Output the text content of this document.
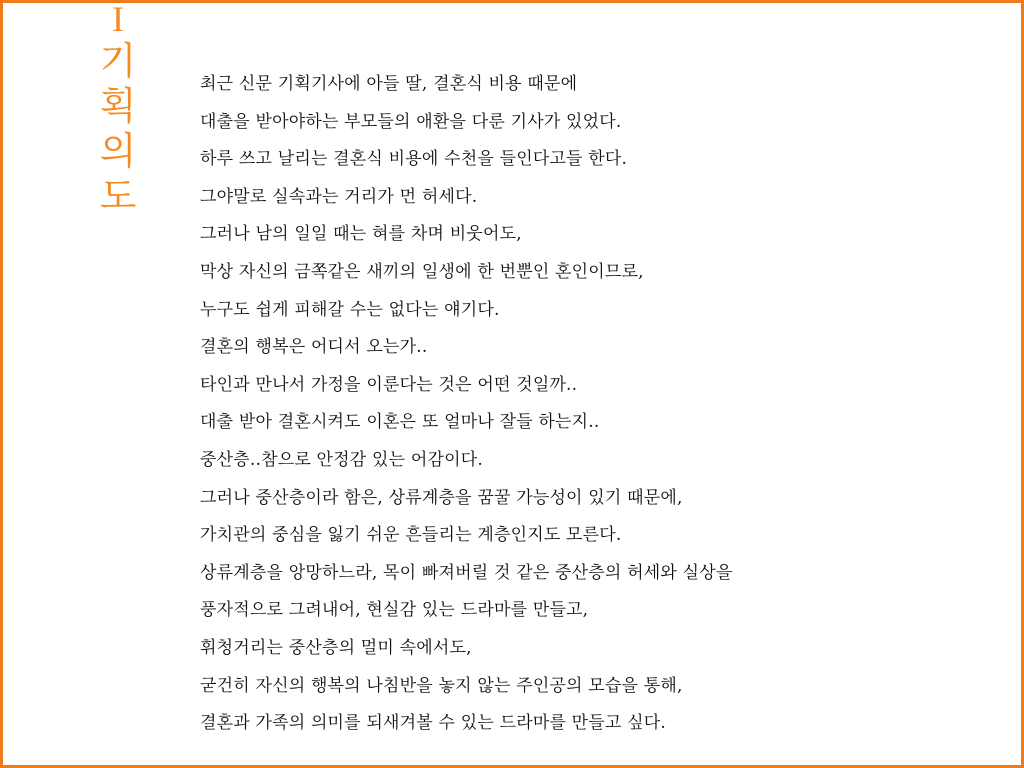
I
기
획
의
도
최근 신문 기획기사에 아들 딸, 결혼식 비용 때문에
대출을 받아야하는 부모들의 애환을 다룬 기사가 있었다.
하루 쓰고 날리는 결혼식 비용에 수천을 들인다고들 한다.
그야말로 실속과는 거리가 먼 허세다.
그러나 남의 일일 때는 혀를 차며 비웃어도,
막상 자신의 금쪽같은 새끼의 일생에 한 번뿐인 혼인이므로,
누구도 쉽게 피해갈 수는 없다는 얘기다.
결혼의 행복은 어디서 오는가..
타인과 만나서 가정을 이룬다는 것은 어떤 것일까..
대출 받아 결혼시켜도 이혼은 또 얼마나 잘들 하는지..
중산층..참으로 안정감 있는 어감이다.
그러나 중산층이라 함은, 상류계층을 꿈꿀 가능성이 있기 때문에,
가치관의 중심을 잃기 쉬운 흔들리는 계층인지도 모른다.
상류계층을 앙망하느라, 목이 빠져버릴 것 같은 중산층의 허세와 실상을
풍자적으로 그려내어, 현실감 있는 드라마를 만들고,
휘청거리는 중산층의 멀미 속에서도,
굳건히 자신의 행복의 나침반을 놓지 않는 주인공의 모습을 통해,
결혼과 가족의 의미를 되새겨볼 수 있는 드라마를 만들고 싶다.
